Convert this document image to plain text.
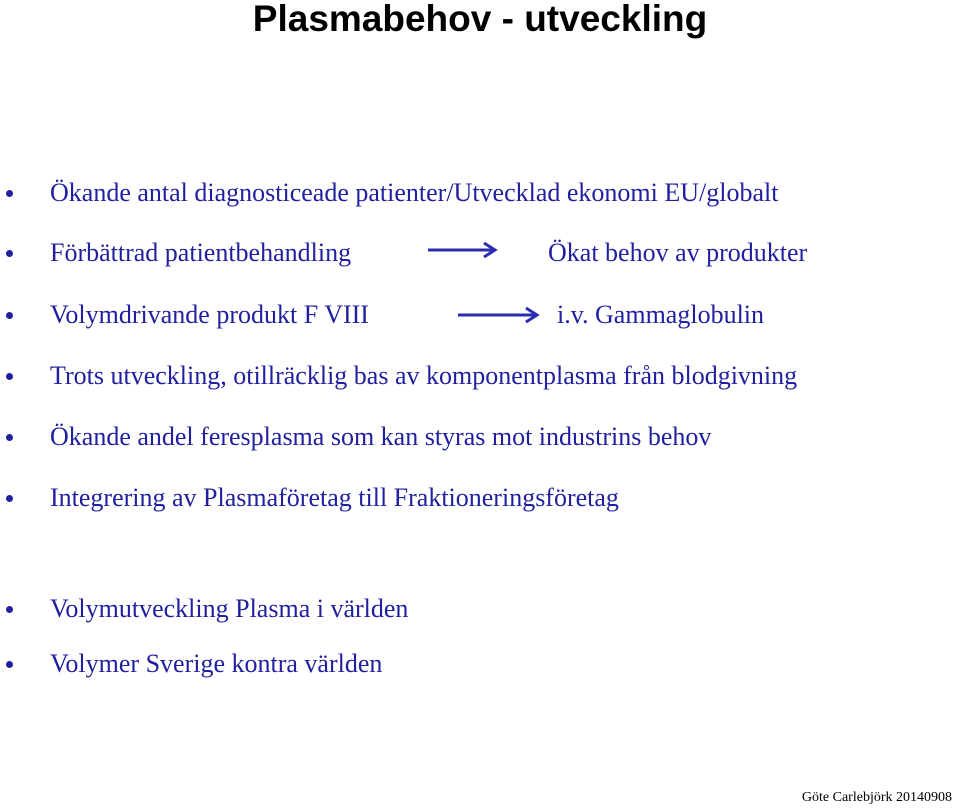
Plasmabehov - utveckling
Ökande antal diagnosticeade patienter/Utvecklad ekonomi EU/globalt
Förbättrad patientbehandling	Ökat behov av produkter
Volymdrivande produkt F VIII	i.v. Gammaglobulin
Trots utveckling, otillräcklig bas av komponentplasma från blodgivning
Ökande andel feresplasma som kan styras mot industrins behov
Integrering av Plasmaföretag till Fraktioneringsföretag
Volymutveckling Plasma i världen
Volymer Sverige kontra världen
Göte Carlebjörk 20140908
